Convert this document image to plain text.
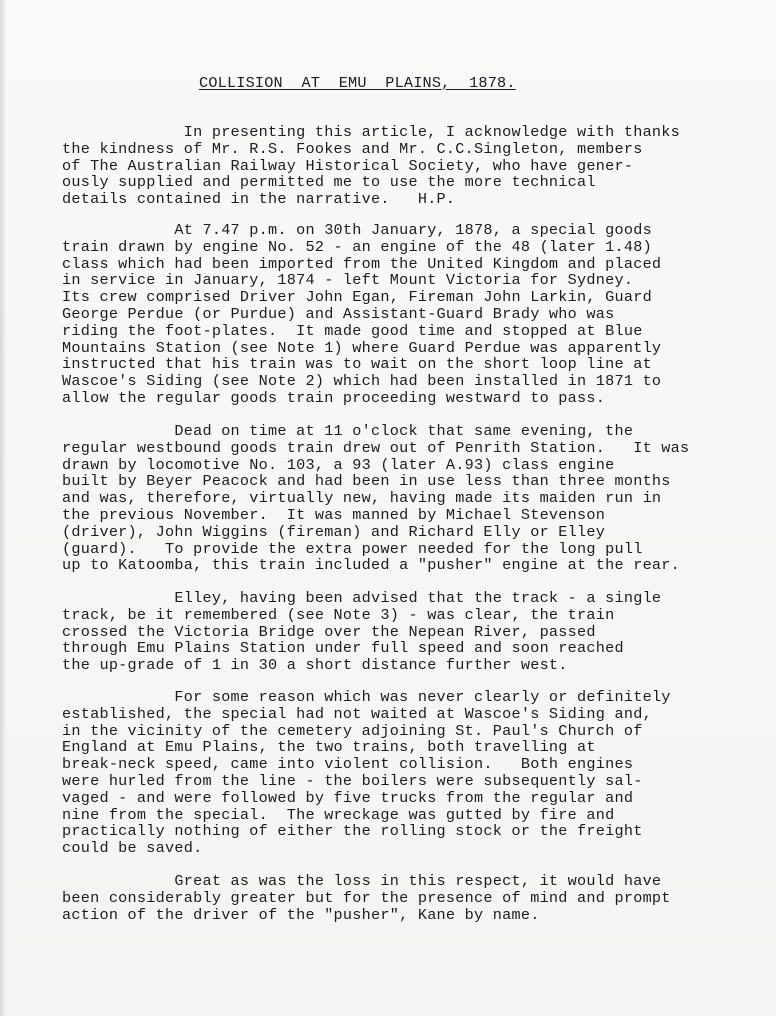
COLLISION  AT  EMU  PLAINS,  1878.
In presenting this article, I acknowledge with thanks
the kindness of Mr. R.S. Fookes and Mr. C.C.Singleton, members
of The Australian Railway Historical Society, who have gener-
ously supplied and permitted me to use the more technical
details contained in the narrative.   H.P.
At 7.47 p.m. on 30th January, 1878, a special goods
train drawn by engine No. 52 - an engine of the 48 (later 1.48)
class which had been imported from the United Kingdom and placed
in service in January, 1874 - left Mount Victoria for Sydney.
Its crew comprised Driver John Egan, Fireman John Larkin, Guard
George Perdue (or Purdue) and Assistant-Guard Brady who was
riding the foot-plates.  It made good time and stopped at Blue
Mountains Station (see Note 1) where Guard Perdue was apparently
instructed that his train was to wait on the short loop line at
Wascoe's Siding (see Note 2) which had been installed in 1871 to
allow the regular goods train proceeding westward to pass.
Dead on time at 11 o'clock that same evening, the
regular westbound goods train drew out of Penrith Station.   It was
drawn by locomotive No. 103, a 93 (later A.93) class engine
built by Beyer Peacock and had been in use less than three months
and was, therefore, virtually new, having made its maiden run in
the previous November.  It was manned by Michael Stevenson
(driver), John Wiggins (fireman) and Richard Elly or Elley
(guard).   To provide the extra power needed for the long pull
up to Katoomba, this train included a "pusher" engine at the rear.
Elley, having been advised that the track - a single
track, be it remembered (see Note 3) - was clear, the train
crossed the Victoria Bridge over the Nepean River, passed
through Emu Plains Station under full speed and soon reached
the up-grade of 1 in 30 a short distance further west.
For some reason which was never clearly or definitely
established, the special had not waited at Wascoe's Siding and,
in the vicinity of the cemetery adjoining St. Paul's Church of
England at Emu Plains, the two trains, both travelling at
break-neck speed, came into violent collision.   Both engines
were hurled from the line - the boilers were subsequently sal-
vaged - and were followed by five trucks from the regular and
nine from the special.  The wreckage was gutted by fire and
practically nothing of either the rolling stock or the freight
could be saved.
Great as was the loss in this respect, it would have
been considerably greater but for the presence of mind and prompt
action of the driver of the "pusher", Kane by name.
